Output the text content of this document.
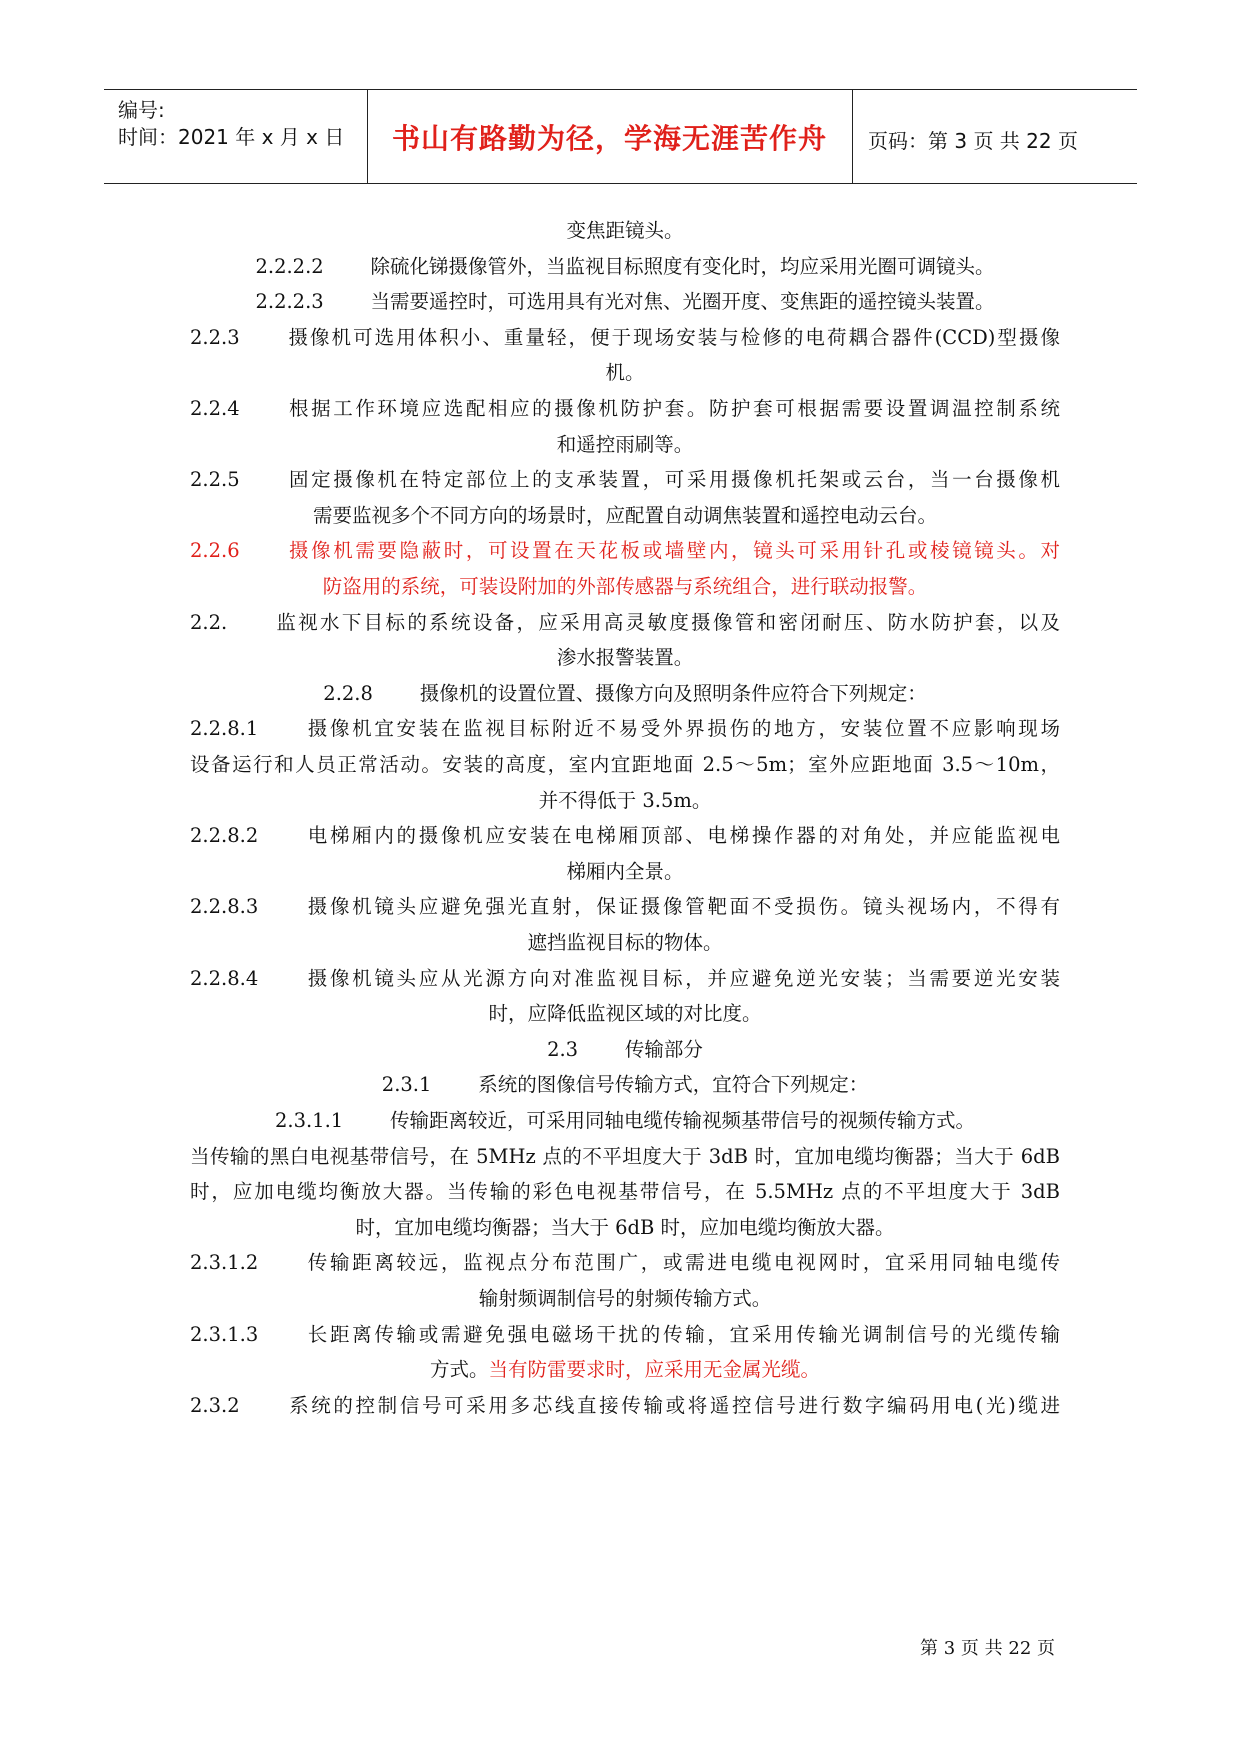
编号:
时间：2021 年 x 月 x 日	书山有路勤为径，学海无涯苦作舟	页码：第 3 页 共 22 页
变焦距镜头。
2.2.2.2 除硫化锑摄像管外，当监视目标照度有变化时，均应采用光圈可调镜头。
2.2.2.3 当需要遥控时，可选用具有光对焦、光圈开度、变焦距的遥控镜头装置。
2.2.3 摄像机可选用体积小、重量轻，便于现场安装与检修的电荷耦合器件(CCD)型摄像
机。
2.2.4 根据工作环境应选配相应的摄像机防护套。防护套可根据需要设置调温控制系统
和遥控雨刷等。
2.2.5 固定摄像机在特定部位上的支承装置，可采用摄像机托架或云台，当一台摄像机
需要监视多个不同方向的场景时，应配置自动调焦装置和遥控电动云台。
2.2.6 摄像机需要隐蔽时，可设置在天花板或墙壁内，镜头可采用针孔或棱镜镜头。对
防盗用的系统，可装设附加的外部传感器与系统组合，进行联动报警。
2.2. 监视水下目标的系统设备，应采用高灵敏度摄像管和密闭耐压、防水防护套，以及
渗水报警装置。
2.2.8 摄像机的设置位置、摄像方向及照明条件应符合下列规定：
2.2.8.1 摄像机宜安装在监视目标附近不易受外界损伤的地方，安装位置不应影响现场
设备运行和人员正常活动。安装的高度，室内宜距地面 2.5～5m；室外应距地面 3.5～10m，
并不得低于 3.5m。
2.2.8.2 电梯厢内的摄像机应安装在电梯厢顶部、电梯操作器的对角处，并应能监视电
梯厢内全景。
2.2.8.3 摄像机镜头应避免强光直射，保证摄像管靶面不受损伤。镜头视场内，不得有
遮挡监视目标的物体。
2.2.8.4 摄像机镜头应从光源方向对准监视目标，并应避免逆光安装；当需要逆光安装
时，应降低监视区域的对比度。
2.3 传输部分
2.3.1 系统的图像信号传输方式，宜符合下列规定：
2.3.1.1 传输距离较近，可采用同轴电缆传输视频基带信号的视频传输方式。
当传输的黑白电视基带信号，在 5MHz 点的不平坦度大于 3dB 时，宜加电缆均衡器；当大于 6dB
时，应加电缆均衡放大器。当传输的彩色电视基带信号，在 5.5MHz 点的不平坦度大于 3dB
时，宜加电缆均衡器；当大于 6dB 时，应加电缆均衡放大器。
2.3.1.2 传输距离较远，监视点分布范围广，或需进电缆电视网时，宜采用同轴电缆传
输射频调制信号的射频传输方式。
2.3.1.3 长距离传输或需避免强电磁场干扰的传输，宜采用传输光调制信号的光缆传输
方式。当有防雷要求时，应采用无金属光缆。
2.3.2 系统的控制信号可采用多芯线直接传输或将遥控信号进行数字编码用电(光)缆进
第 3 页 共 22 页
